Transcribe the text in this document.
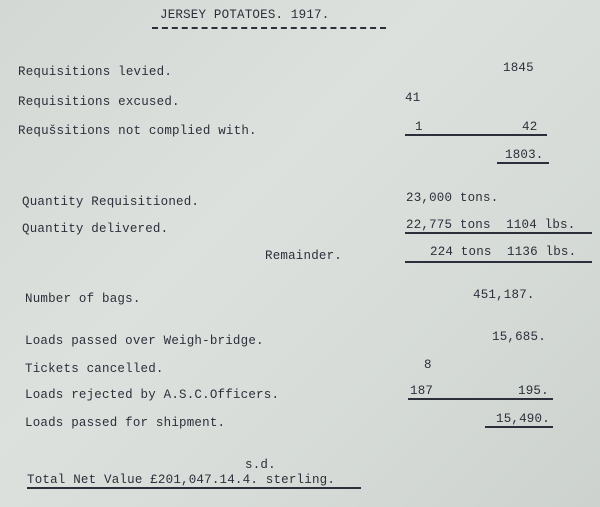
JERSEY POTATOES. 1917.
Requisitions levied.	1845
Requisitions excused.	41
Requšsitions not complied with.	1	42
1803.
Quantity Requisitioned.	23,000 tons.
Quantity delivered.	22,775 tons  1104 lbs.
Remainder.	224 tons  1136 lbs.
Number of bags.	451,187.
Loads passed over Weigh-bridge.	15,685.
Tickets cancelled.	8
Loads rejected by A.S.C.Officers.	187	195.
Loads passed for shipment.	15,490.
s.d.
Total Net Value £201,047.14.4. sterling.
